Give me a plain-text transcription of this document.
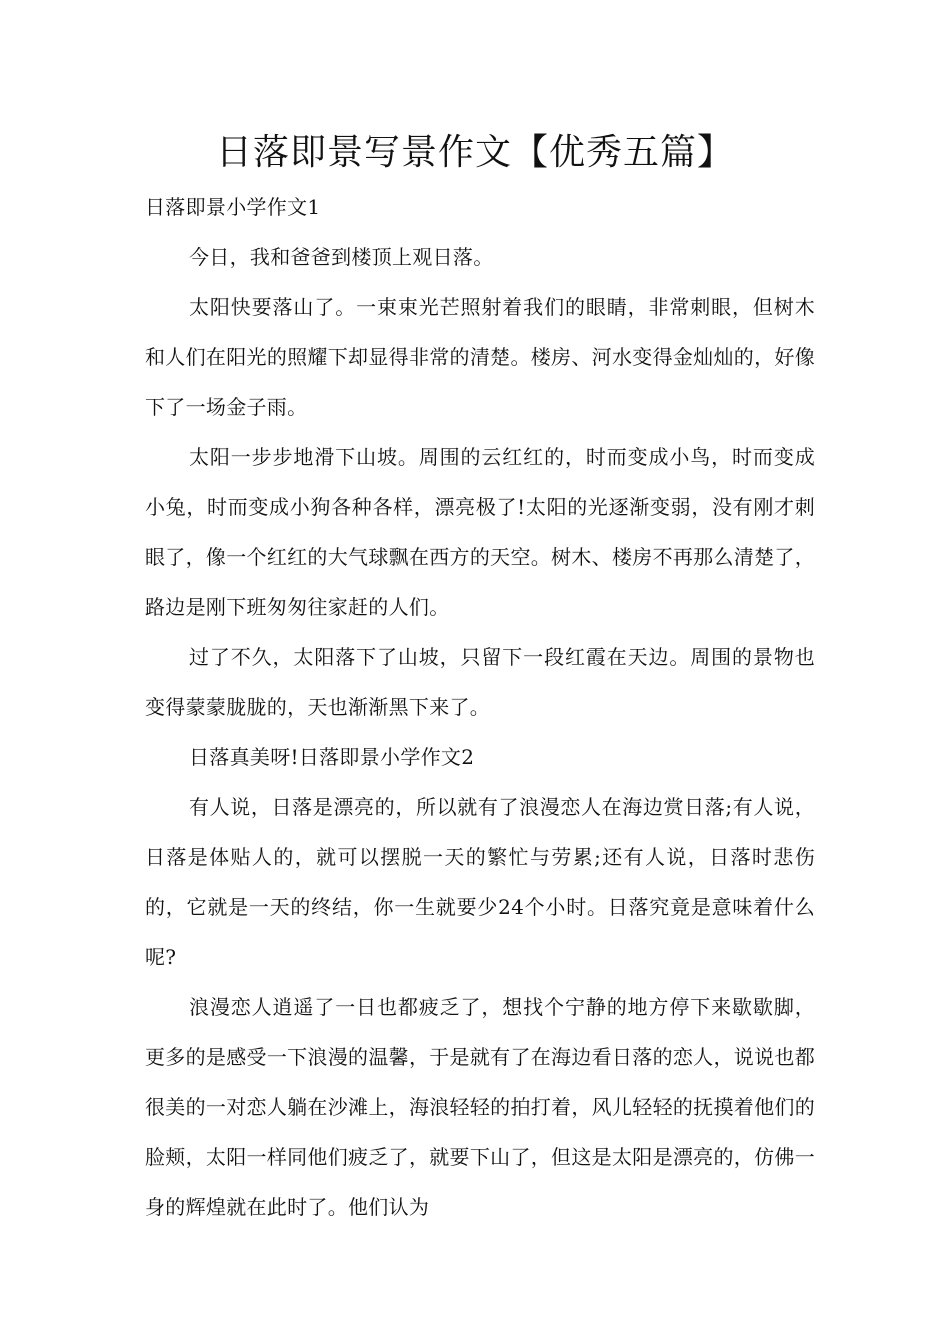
日落即景写景作文【优秀五篇】

日落即景小学作文1

今日，我和爸爸到楼顶上观日落。

太阳快要落山了。一束束光芒照射着我们的眼睛，非常刺眼，但树木和人们在阳光的照耀下却显得非常的清楚。楼房、河水变得金灿灿的，好像下了一场金子雨。

太阳一步步地滑下山坡。周围的云红红的，时而变成小鸟，时而变成小兔，时而变成小狗各种各样，漂亮极了!太阳的光逐渐变弱，没有刚才刺眼了，像一个红红的大气球飘在西方的天空。树木、楼房不再那么清楚了，路边是刚下班匆匆往家赶的人们。

过了不久，太阳落下了山坡，只留下一段红霞在天边。周围的景物也变得蒙蒙胧胧的，天也渐渐黑下来了。

日落真美呀!日落即景小学作文2

有人说，日落是漂亮的，所以就有了浪漫恋人在海边赏日落;有人说，日落是体贴人的，就可以摆脱一天的繁忙与劳累;还有人说，日落时悲伤的，它就是一天的终结，你一生就要少24个小时。日落究竟是意味着什么呢?

浪漫恋人逍遥了一日也都疲乏了，想找个宁静的地方停下来歇歇脚，更多的是感受一下浪漫的温馨，于是就有了在海边看日落的恋人，说说也都很美的一对恋人躺在沙滩上，海浪轻轻的拍打着，风儿轻轻的抚摸着他们的脸颊，太阳一样同他们疲乏了，就要下山了，但这是太阳是漂亮的，仿佛一身的辉煌就在此时了。他们认为
